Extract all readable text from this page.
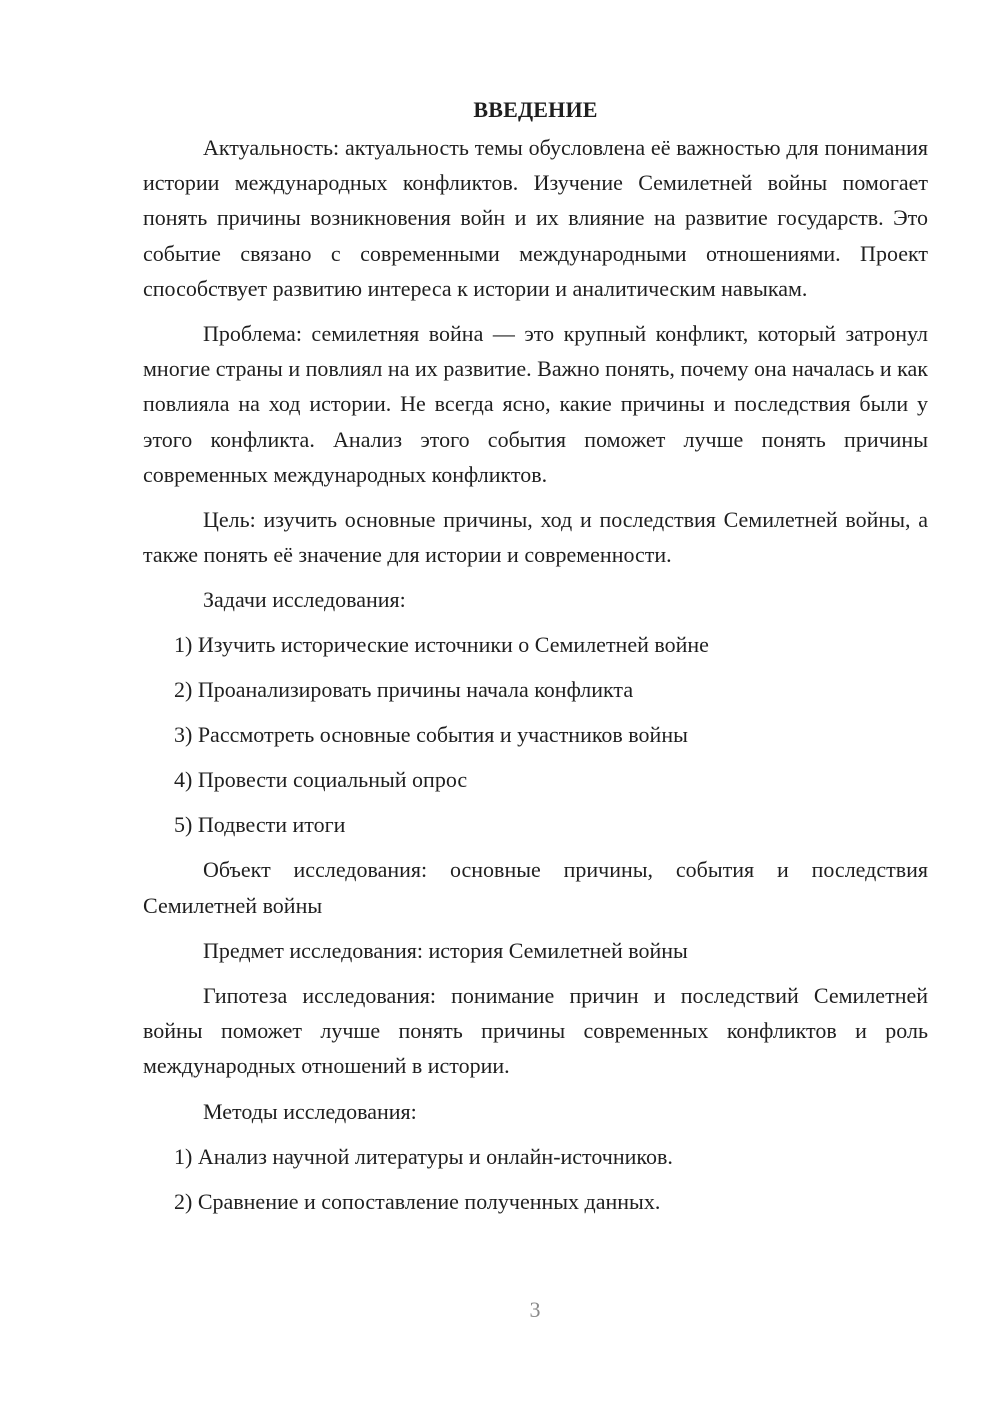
ВВЕДЕНИЕ

Актуальность: актуальность темы обусловлена её важностью для понимания истории международных конфликтов. Изучение Семилетней войны помогает понять причины возникновения войн и их влияние на развитие государств. Это событие связано с современными международными отношениями. Проект способствует развитию интереса к истории и аналитическим навыкам.

Проблема: семилетняя война — это крупный конфликт, который затронул многие страны и повлиял на их развитие. Важно понять, почему она началась и как повлияла на ход истории. Не всегда ясно, какие причины и последствия были у этого конфликта. Анализ этого события поможет лучше понять причины современных международных конфликтов.

Цель: изучить основные причины, ход и последствия Семилетней войны, а также понять её значение для истории и современности.

Задачи исследования:
1) Изучить исторические источники о Семилетней войне
2) Проанализировать причины начала конфликта
3) Рассмотреть основные события и участников войны
4) Провести социальный опрос
5) Подвести итоги

Объект исследования: основные причины, события и последствия Семилетней войны

Предмет исследования: история Семилетней войны

Гипотеза исследования: понимание причин и последствий Семилетней войны поможет лучше понять причины современных конфликтов и роль международных отношений в истории.

Методы исследования:
1) Анализ научной литературы и онлайн-источников.
2) Сравнение и сопоставление полученных данных.
3
